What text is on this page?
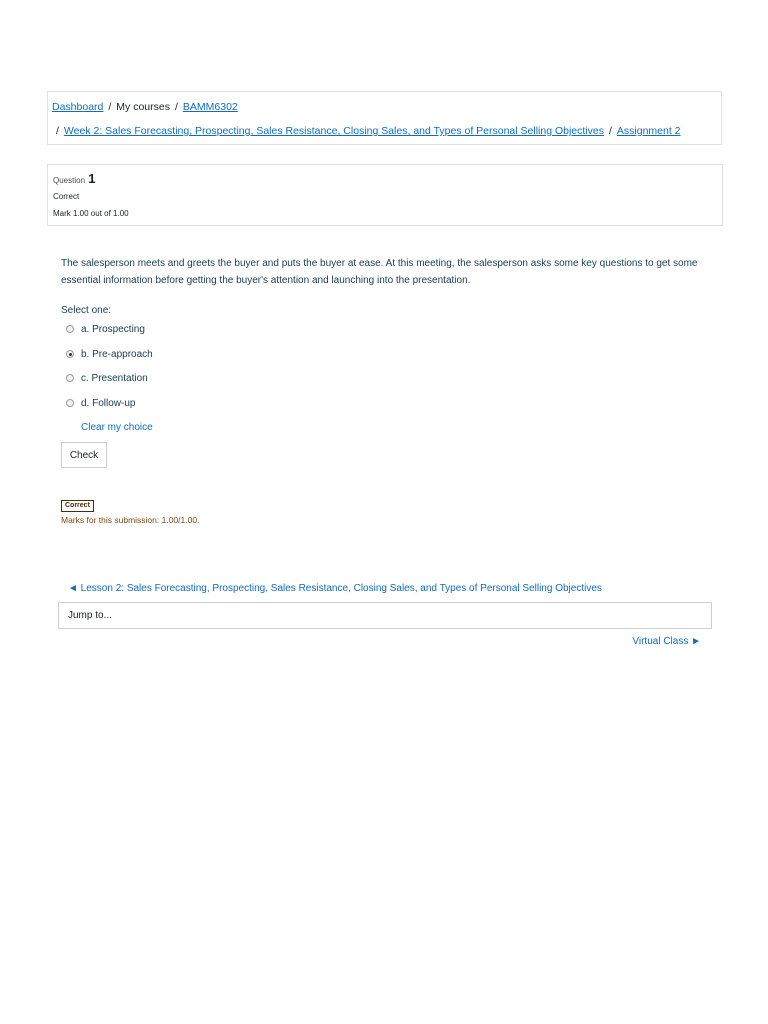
Dashboard / My courses / BAMM6302
/ Week 2: Sales Forecasting, Prospecting, Sales Resistance, Closing Sales, and Types of Personal Selling Objectives / Assignment 2
Question 1
Correct
Mark 1.00 out of 1.00
The salesperson meets and greets the buyer and puts the buyer at ease. At this meeting, the salesperson asks some key questions to get some essential information before getting the buyer's attention and launching into the presentation.
Select one:
a. Prospecting
b. Pre-approach
c. Presentation
d. Follow-up
Clear my choice
Check
Correct
Marks for this submission: 1.00/1.00.
◄ Lesson 2: Sales Forecasting, Prospecting, Sales Resistance, Closing Sales, and Types of Personal Selling Objectives
Jump to...
Virtual Class ►
